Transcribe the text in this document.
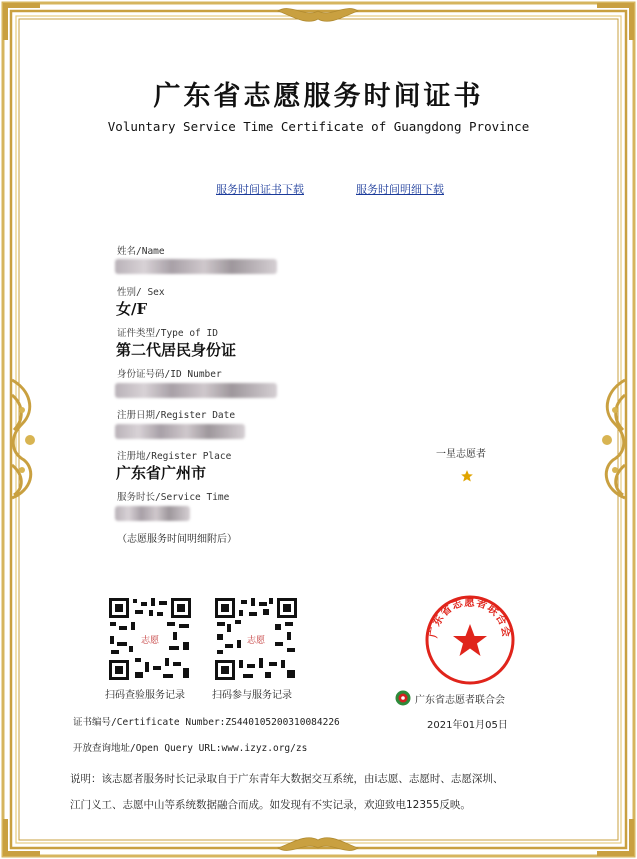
广东省志愿服务时间证书
Voluntary Service Time Certificate of Guangdong Province
服务时间证书下载	服务时间明细下载
姓名/Name
性别/ Sex
女/F
证件类型/Type of ID
第二代居民身份证
身份证号码/ID Number
注册日期/Register Date
注册地/Register Place
广东省广州市
服务时长/Service Time
（志愿服务时间明细附后）
一星志愿者
志愿	志愿
扫码查验服务记录	扫码参与服务记录
广东省志愿者联合会
广东省志愿者联合会
2021年01月05日
证书编号/Certificate Number:ZS440105200310084226
开放查询地址/Open Query URL:www.izyz.org/zs
说明：该志愿者服务时长记录取自于广东青年大数据交互系统，由i志愿、志愿时、志愿深圳、
江门义工、志愿中山等系统数据融合而成。如发现有不实记录，欢迎致电12355反映。
